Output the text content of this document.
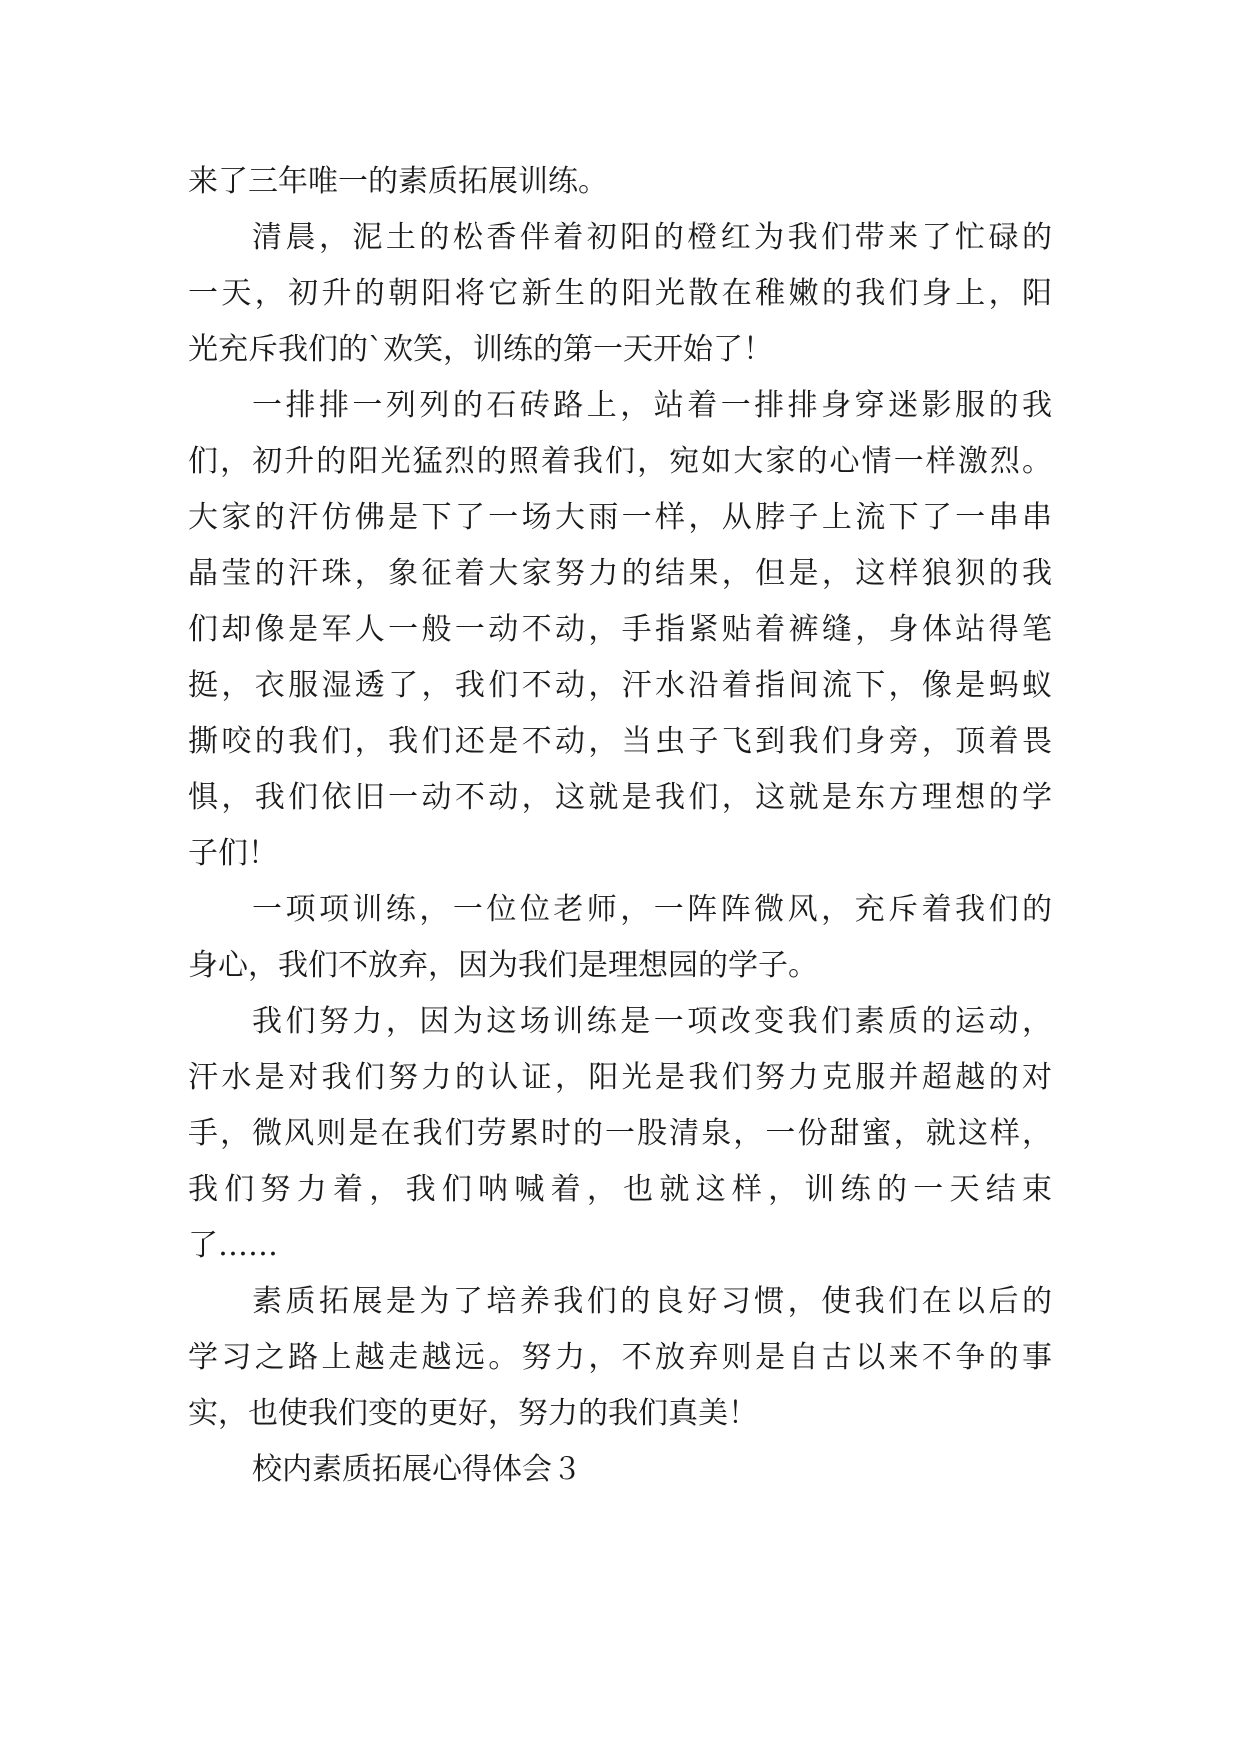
来了三年唯一的素质拓展训练。
清晨，泥土的松香伴着初阳的橙红为我们带来了忙碌的
一天，初升的朝阳将它新生的阳光散在稚嫩的我们身上，阳
光充斥我们的`欢笑，训练的第一天开始了！
一排排一列列的石砖路上，站着一排排身穿迷影服的我
们，初升的阳光猛烈的照着我们，宛如大家的心情一样激烈。
大家的汗仿佛是下了一场大雨一样，从脖子上流下了一串串
晶莹的汗珠，象征着大家努力的结果，但是，这样狼狈的我
们却像是军人一般一动不动，手指紧贴着裤缝，身体站得笔
挺，衣服湿透了，我们不动，汗水沿着指间流下，像是蚂蚁
撕咬的我们，我们还是不动，当虫子飞到我们身旁，顶着畏
惧，我们依旧一动不动，这就是我们，这就是东方理想的学
子们！
一项项训练，一位位老师，一阵阵微风，充斥着我们的
身心，我们不放弃，因为我们是理想园的学子。
我们努力，因为这场训练是一项改变我们素质的运动，
汗水是对我们努力的认证，阳光是我们努力克服并超越的对
手，微风则是在我们劳累时的一股清泉，一份甜蜜，就这样，
我们努力着，我们呐喊着，也就这样，训练的一天结束
了……
素质拓展是为了培养我们的良好习惯，使我们在以后的
学习之路上越走越远。努力，不放弃则是自古以来不争的事
实，也使我们变的更好，努力的我们真美！
校内素质拓展心得体会３
